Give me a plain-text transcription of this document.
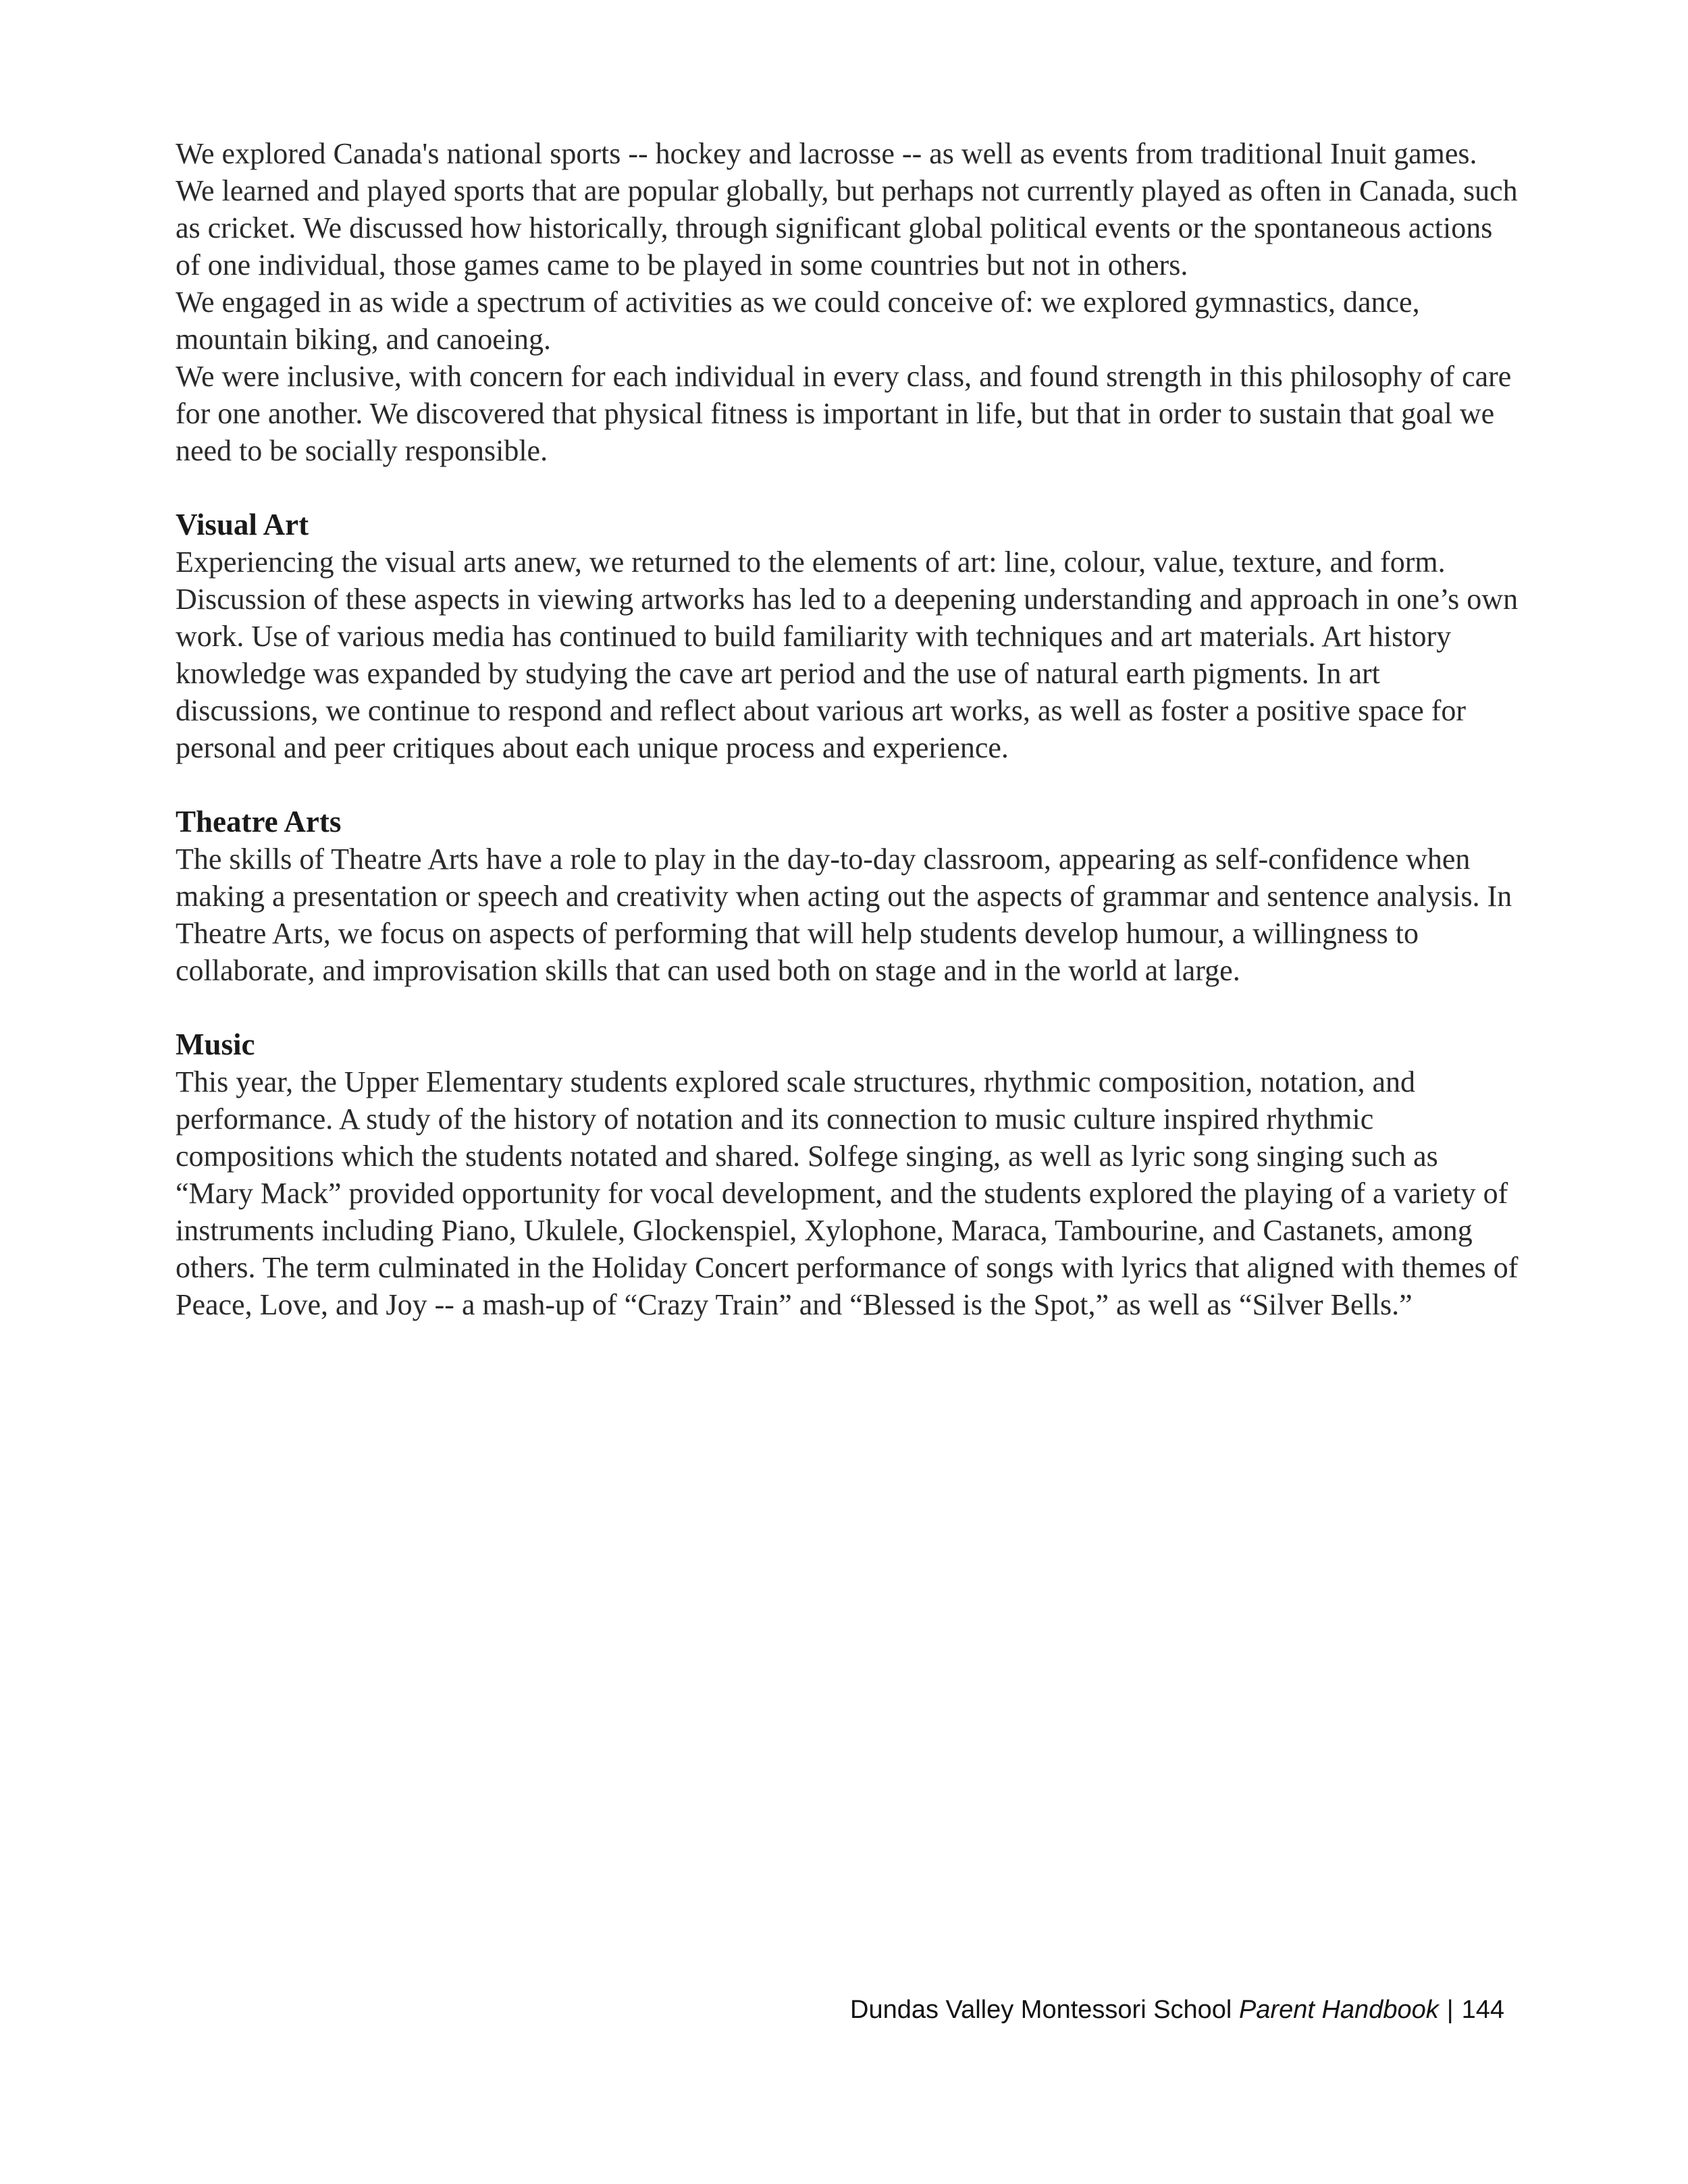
We explored Canada's national sports -- hockey and lacrosse -- as well as events from traditional Inuit games. We learned and played sports that are popular globally, but perhaps not currently played as often in Canada, such as cricket. We discussed how historically, through significant global political events or the spontaneous actions of one individual, those games came to be played in some countries but not in others.

We engaged in as wide a spectrum of activities as we could conceive of: we explored gymnastics, dance, mountain biking, and canoeing.

We were inclusive, with concern for each individual in every class, and found strength in this philosophy of care for one another. We discovered that physical fitness is important in life, but that in order to sustain that goal we need to be socially responsible.

Visual Art

Experiencing the visual arts anew, we returned to the elements of art: line, colour, value, texture, and form. Discussion of these aspects in viewing artworks has led to a deepening understanding and approach in one’s own work. Use of various media has continued to build familiarity with techniques and art materials. Art history knowledge was expanded by studying the cave art period and the use of natural earth pigments. In art discussions, we continue to respond and reflect about various art works, as well as foster a positive space for personal and peer critiques about each unique process and experience.

Theatre Arts

The skills of Theatre Arts have a role to play in the day-to-day classroom, appearing as self-confidence when making a presentation or speech and creativity when acting out the aspects of grammar and sentence analysis. In Theatre Arts, we focus on aspects of performing that will help students develop humour, a willingness to collaborate, and improvisation skills that can used both on stage and in the world at large.

Music

This year, the Upper Elementary students explored scale structures, rhythmic composition, notation, and performance. A study of the history of notation and its connection to music culture inspired rhythmic compositions which the students notated and shared. Solfege singing, as well as lyric song singing such as “Mary Mack” provided opportunity for vocal development, and the students explored the playing of a variety of instruments including Piano, Ukulele, Glockenspiel, Xylophone, Maraca, Tambourine, and Castanets, among others. The term culminated in the Holiday Concert performance of songs with lyrics that aligned with themes of Peace, Love, and Joy -- a mash-up of “Crazy Train” and “Blessed is the Spot,” as well as “Silver Bells.”

Dundas Valley Montessori School Parent Handbook | 144
